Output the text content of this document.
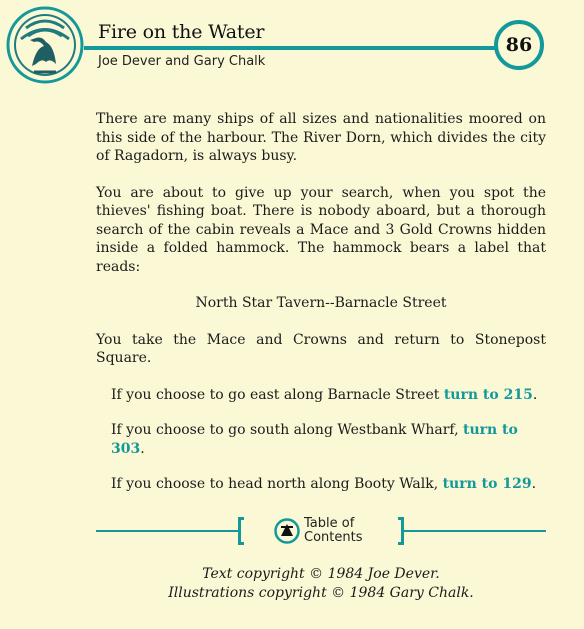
Fire on the Water
Joe Dever and Gary Chalk
86

There are many ships of all sizes and nationalities moored on this side of the harbour. The River Dorn, which divides the city of Ragadorn, is always busy.

You are about to give up your search, when you spot the thieves' fishing boat. There is nobody aboard, but a thorough search of the cabin reveals a Mace and 3 Gold Crowns hidden inside a folded hammock. The hammock bears a label that reads:

North Star Tavern--Barnacle Street

You take the Mace and Crowns and return to Stonepost Square.

If you choose to go east along Barnacle Street turn to 215.

If you choose to go south along Westbank Wharf, turn to 303.

If you choose to head north along Booty Walk, turn to 129.

Table of
Contents
Text copyright © 1984 Joe Dever.
Illustrations copyright © 1984 Gary Chalk.
